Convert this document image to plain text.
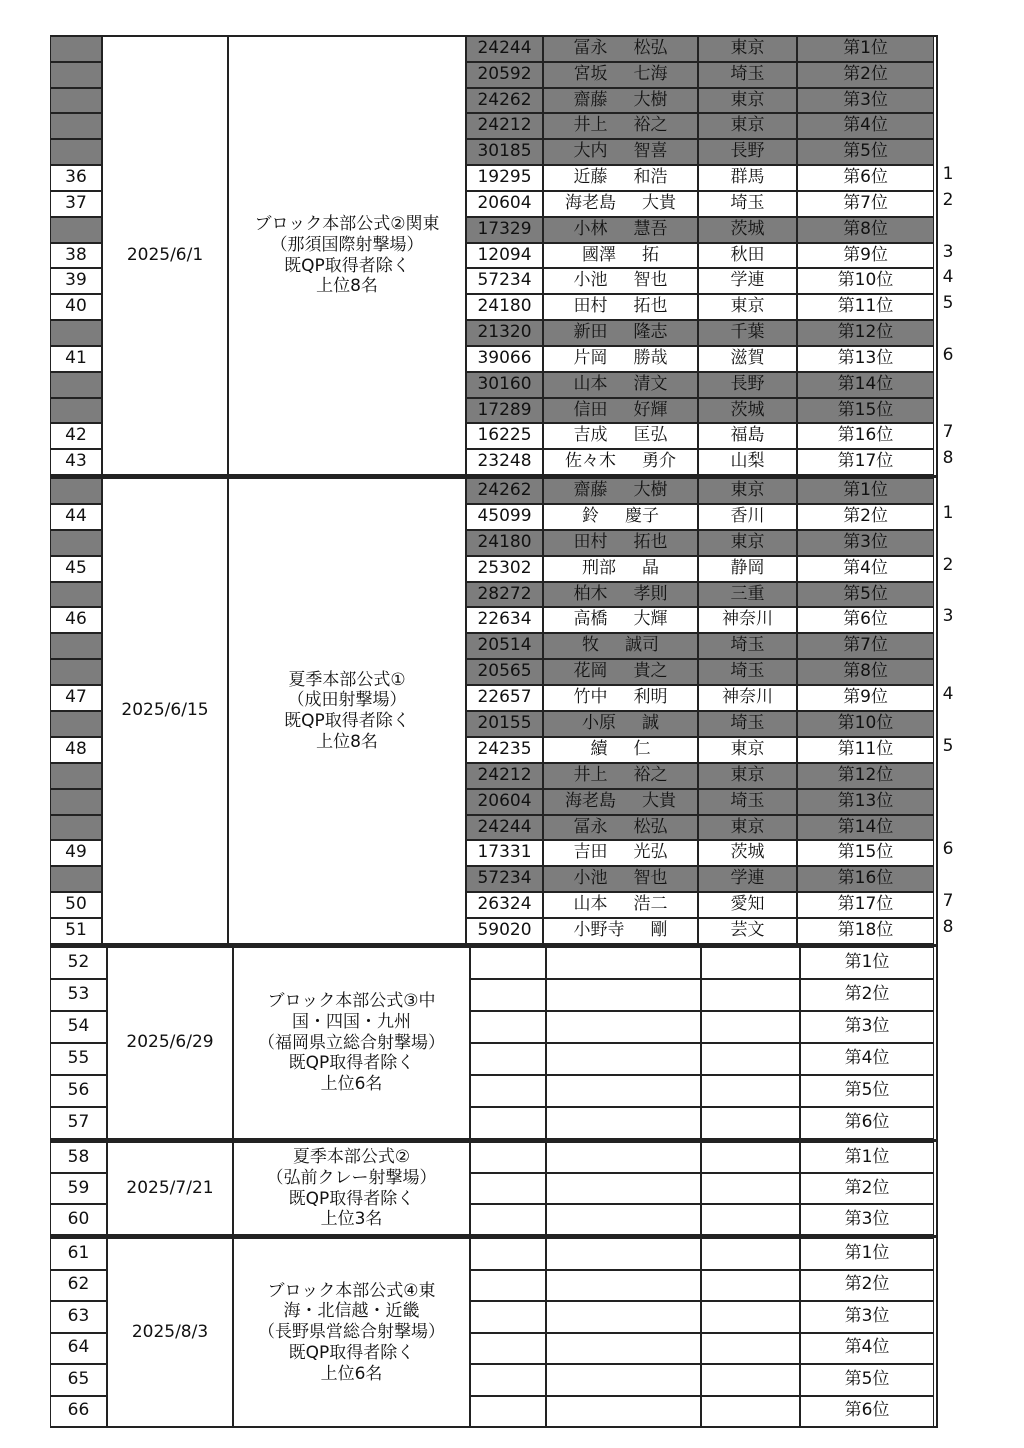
2025/6/1
ブロック本部公式②関東
（那須国際射撃場）
既QP取得者除く
上位8名
24244	冨永 松弘	東京	第1位
20592	宮坂 七海	埼玉	第2位
24262	齋藤 大樹	東京	第3位
24212	井上 裕之	東京	第4位
30185	大内 智喜	長野	第5位
36	19295	近藤 和浩	群馬	第6位	1
37	20604	海老島 大貴	埼玉	第7位	2
17329	小林 慧吾	茨城	第8位
38	12094	國澤 拓	秋田	第9位	3
39	57234	小池 智也	学連	第10位	4
40	24180	田村 拓也	東京	第11位	5
21320	新田 隆志	千葉	第12位
41	39066	片岡 勝哉	滋賀	第13位	6
30160	山本 清文	長野	第14位
17289	信田 好輝	茨城	第15位
42	16225	吉成 匡弘	福島	第16位	7
43	23248	佐々木 勇介	山梨	第17位	8
2025/6/15
夏季本部公式①
（成田射撃場）
既QP取得者除く
上位8名
24262	齋藤 大樹	東京	第1位
44	45099	鈴 慶子	香川	第2位	1
24180	田村 拓也	東京	第3位
45	25302	刑部 晶	静岡	第4位	2
28272	柏木 孝則	三重	第5位
46	22634	高橋 大輝	神奈川	第6位	3
20514	牧 誠司	埼玉	第7位
20565	花岡 貴之	埼玉	第8位
47	22657	竹中 利明	神奈川	第9位	4
20155	小原 誠	埼玉	第10位
48	24235	續 仁	東京	第11位	5
24212	井上 裕之	東京	第12位
20604	海老島 大貴	埼玉	第13位
24244	冨永 松弘	東京	第14位
49	17331	吉田 光弘	茨城	第15位	6
57234	小池 智也	学連	第16位
50	26324	山本 浩二	愛知	第17位	7
51	59020	小野寺 剛	芸文	第18位	8
2025/6/29
ブロック本部公式③中
国・四国・九州
（福岡県立総合射撃場）
既QP取得者除く
上位6名
52	第1位
53	第2位
54	第3位
55	第4位
56	第5位
57	第6位
2025/7/21
夏季本部公式②
（弘前クレー射撃場）
既QP取得者除く
上位3名
58	第1位
59	第2位
60	第3位
2025/8/3
ブロック本部公式④東
海・北信越・近畿
（長野県営総合射撃場）
既QP取得者除く
上位6名
61	第1位
62	第2位
63	第3位
64	第4位
65	第5位
66	第6位
